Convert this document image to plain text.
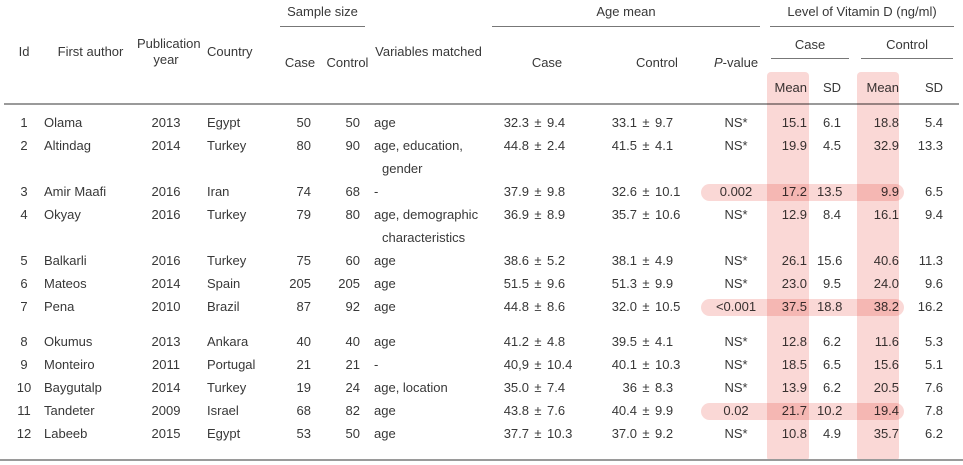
Id	First author	Publication year	Country	Sample size		Variables matched	Age mean			Level of Vitamin D (ng/ml)			

				Case	Control		Case	Control	P-value	Case		Control	

										Mean	SD	Mean	SD

1	Olama	2013	Egypt	50	50	age	32.3 ± 9.4	33.1 ± 9.7	NS*	15.1	6.1	18.8	5.4
2	Altindag	2014	Turkey	80	90	age, education, gender	44.8 ± 2.4	41.5 ± 4.1	NS*	19.9	4.5	32.9	13.3
3	Amir Maafi	2016	Iran	74	68	-	37.9 ± 9.8	32.6 ± 10.1	0.002	17.2	13.5	9.9	6.5
4	Okyay	2016	Turkey	79	80	age, demographic characteristics	36.9 ± 8.9	35.7 ± 10.6	NS*	12.9	8.4	16.1	9.4
5	Balkarli	2016	Turkey	75	60	age	38.6 ± 5.2	38.1 ± 4.9	NS*	26.1	15.6	40.6	11.3
6	Mateos	2014	Spain	205	205	age	51.5 ± 9.6	51.3 ± 9.9	NS*	23.0	9.5	24.0	9.6
7	Pena	2010	Brazil	87	92	age	44.8 ± 8.6	32.0 ± 10.5	<0.001	37.5	18.8	38.2	16.2

8	Okumus	2013	Ankara	40	40	age	41.2 ± 4.8	39.5 ± 4.1	NS*	12.8	6.2	11.6	5.3
9	Monteiro	2011	Portugal	21	21	-	40,9 ± 10.4	40.1 ± 10.3	NS*	18.5	6.5	15.6	5.1
10	Baygutalp	2014	Turkey	19	24	age, location	35.0 ± 7.4	36 ± 8.3	NS*	13.9	6.2	20.5	7.6
11	Tandeter	2009	Israel	68	82	age	43.8 ± 7.6	40.4 ± 9.9	0.02	21.7	10.2	19.4	7.8
12	Labeeb	2015	Egypt	53	50	age	37.7 ± 10.3	37.0 ± 9.2	NS*	10.8	4.9	35.7	6.2
